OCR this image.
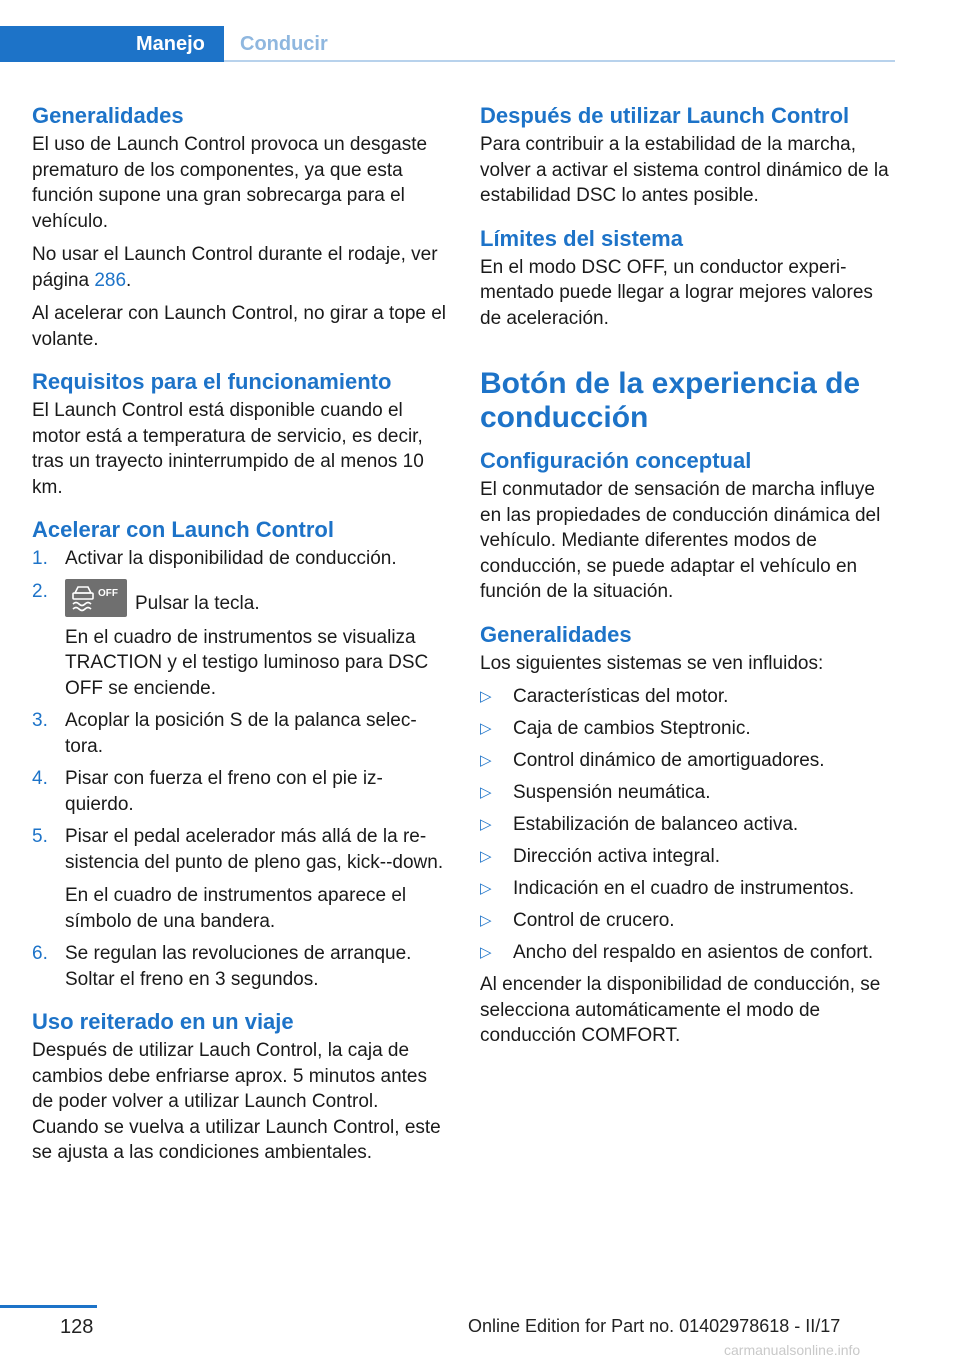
Manejo	Conducir
Generalidades

El uso de Launch Control provoca un desgaste prematuro de los componentes, ya que esta función supone una gran sobrecarga para el vehículo.

No usar el Launch Control durante el rodaje, ver página 286.

Al acelerar con Launch Control, no girar a tope el volante.

Requisitos para el funcionamiento

El Launch Control está disponible cuando el motor está a temperatura de servicio, es decir, tras un trayecto ininterrumpido de al menos 10 km.

Acelerar con Launch Control
1. Activar la disponibilidad de conducción.
2.	OFF Pulsar la tecla.
En el cuadro de instrumentos se visualiza TRACTION y el testigo luminoso para DSC OFF se enciende.
3. Acoplar la posición S de la palanca selec-tora.
4. Pisar con fuerza el freno con el pie iz-quierdo.
5. Pisar el pedal acelerador más allá de la re-sistencia del punto de pleno gas, kick--down.
En el cuadro de instrumentos aparece el símbolo de una bandera.
6. Se regulan las revoluciones de arranque. Soltar el freno en 3 segundos.
Uso reiterado en un viaje

Después de utilizar Lauch Control, la caja de cambios debe enfriarse aprox. 5 minutos antes de poder volver a utilizar Launch Control. Cuando se vuelva a utilizar Launch Control, este se ajusta a las condiciones ambientales.

Después de utilizar Launch Control

Para contribuir a la estabilidad de la marcha, volver a activar el sistema control dinámico de la estabilidad DSC lo antes posible.

Límites del sistema

En el modo DSC OFF, un conductor experi-mentado puede llegar a lograr mejores valores de aceleración.

Botón de la experiencia de conducción
Configuración conceptual

El conmutador de sensación de marcha influye en las propiedades de conducción dinámica del vehículo. Mediante diferentes modos de conducción, se puede adaptar el vehículo en función de la situación.

Generalidades

Los siguientes sistemas se ven influidos:

▷ Características del motor.
▷ Caja de cambios Steptronic.
▷ Control dinámico de amortiguadores.
▷ Suspensión neumática.
▷ Estabilización de balanceo activa.
▷ Dirección activa integral.
▷ Indicación en el cuadro de instrumentos.
▷ Control de crucero.
▷ Ancho del respaldo en asientos de confort.

Al encender la disponibilidad de conducción, se selecciona automáticamente el modo de conducción COMFORT.

128	Online Edition for Part no. 01402978618 - II/17
carmanualsonline.info
